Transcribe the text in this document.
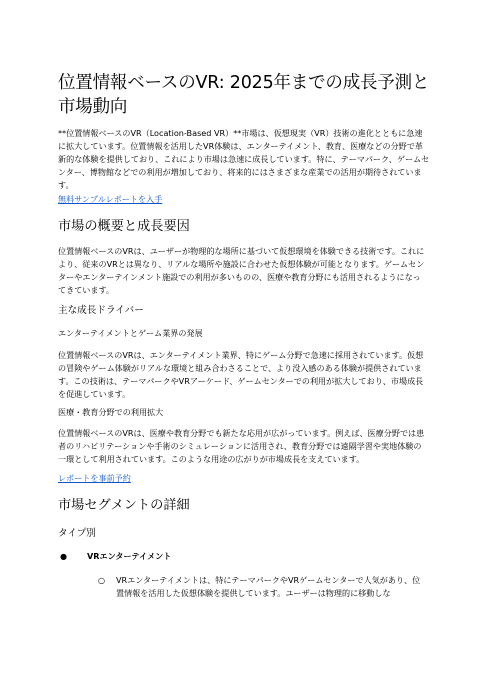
位置情報ベースのVR: 2025年までの成長予測と市場動向

**位置情報ベースのVR（Location-Based VR）**市場は、仮想現実（VR）技術の進化とともに急速に拡大しています。位置情報を活用したVR体験は、エンターテイメント、教育、医療などの分野で革新的な体験を提供しており、これにより市場は急速に成長しています。特に、テーマパーク、ゲームセンター、博物館などでの利用が増加しており、将来的にはさまざまな産業での活用が期待されています。

無料サンプルレポートを入手
市場の概要と成長要因

位置情報ベースのVRは、ユーザーが物理的な場所に基づいて仮想環境を体験できる技術です。これにより、従来のVRとは異なり、リアルな場所や施設に合わせた仮想体験が可能となります。ゲームセンターやエンターテインメント施設での利用が多いものの、医療や教育分野にも活用されるようになってきています。

主な成長ドライバー
エンターテイメントとゲーム業界の発展

位置情報ベースのVRは、エンターテイメント業界、特にゲーム分野で急速に採用されています。仮想の冒険やゲーム体験がリアルな環境と組み合わさることで、より没入感のある体験が提供されています。この技術は、テーマパークやVRアーケード、ゲームセンターでの利用が拡大しており、市場成長を促進しています。

医療・教育分野での利用拡大

位置情報ベースのVRは、医療や教育分野でも新たな応用が広がっています。例えば、医療分野では患者のリハビリテーションや手術のシミュレーションに活用され、教育分野では遠隔学習や実地体験の一環として利用されています。このような用途の広がりが市場成長を支えています。

レポートを事前予約
市場セグメントの詳細
タイプ別
● VRエンターテイメント
○ VRエンターテイメントは、特にテーマパークやVRゲームセンターで人気があり、位置情報を活用した仮想体験を提供しています。ユーザーは物理的に移動しな
